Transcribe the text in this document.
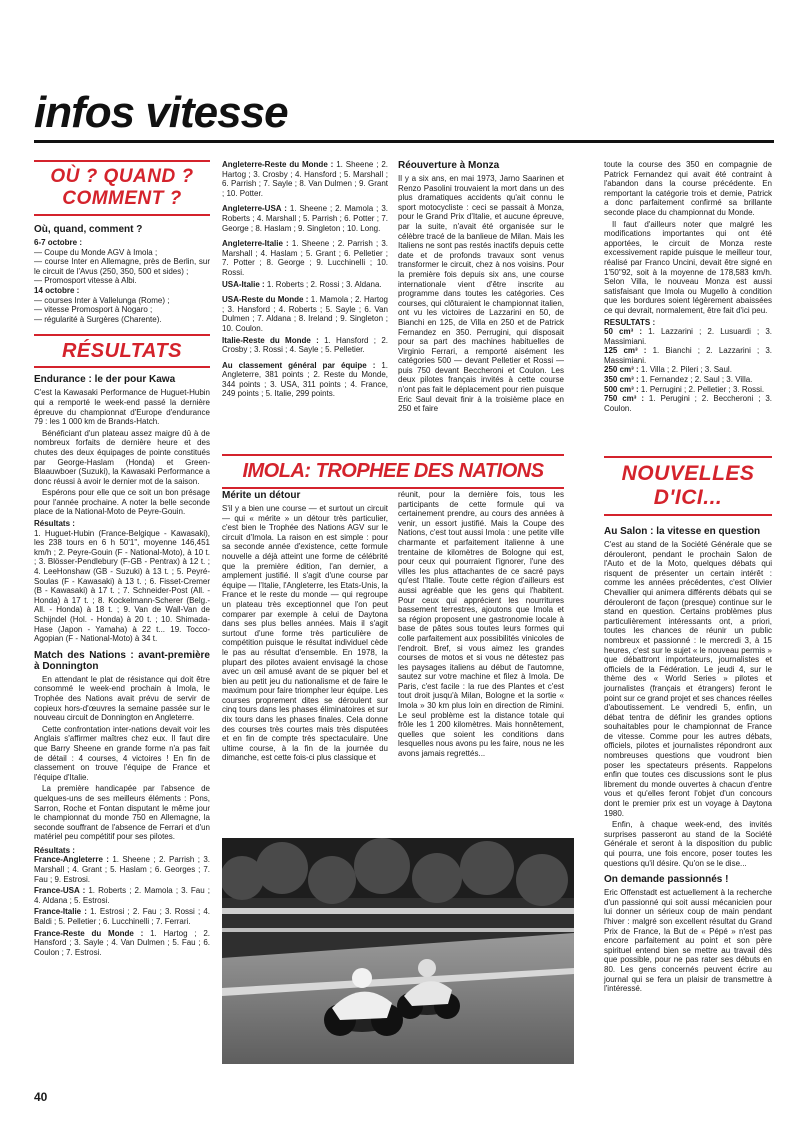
infos vitesse
OÙ ? QUAND ?
COMMENT ?
Où, quand, comment ?
6-7 octobre :
— Coupe du Monde AGV à Imola ;
— course Inter en Allemagne, près de Berlin, sur le circuit de l'Avus (250, 350, 500 et sides) ;
— Promosport vitesse à Albi.
14 octobre :
— courses Inter à Vallelunga (Rome) ;
— vitesse Promosport à Nogaro ;
— régularité à Surgères (Charente).
RÉSULTATS
Endurance : le der pour Kawa

C'est la Kawasaki Performance de Huguet-Hubin qui a remporté le week-end passé la dernière épreuve du championnat d'Europe d'endurance 79 : les 1 000 km de Brands-Hatch.

Bénéficiant d'un plateau assez maigre dû à de nombreux forfaits de dernière heure et des chutes des deux équipages de pointe constitués par George-Haslam (Honda) et Green-Blaauwboer (Suzuki), la Kawasaki Performance a donc réussi à avoir le dernier mot de la saison.

Espérons pour elle que ce soit un bon présage pour l'année prochaine. A noter la belle seconde place de la National-Moto de Peyre-Gouin.

Résultats :

1. Huguet-Hubin (France-Belgique - Kawasaki), les 238 tours en 6 h 50'1", moyenne 146,451 km/h ; 2. Peyre-Gouin (F - National-Moto), à 10 t. ; 3. Blösser-Pendlebury (F-GB - Pentrax) à 12 t. ; 4. LeeHonshaw (GB - Suzuki) à 13 t. ; 5. Peyré-Soulas (F - Kawasaki) à 13 t. ; 6. Fisset-Cremer (B - Kawasaki) à 17 t. ; 7. Schneider-Post (All. - Honda) à 17 t. ; 8. Kockelmann-Scherer (Belg.-All. - Honda) à 18 t. ; 9. Van de Wall-Van de Schijndel (Hol. - Honda) à 20 t. ; 10. Shimada-Hase (Japon - Yamaha) à 22 t... 19. Tocco-Agopian (F - National-Moto) à 34 t.

Match des Nations : avant-première à Donnington

En attendant le plat de résistance qui doit être consommé le week-end prochain à Imola, le Trophée des Nations avait prévu de servir de copieux hors-d'œuvres la semaine passée sur le nouveau circuit de Donnington en Angleterre.

Cette confrontation inter-nations devait voir les Anglais s'affirmer maîtres chez eux. Il faut dire que Barry Sheene en grande forme n'a pas fait de détail : 4 courses, 4 victoires ! En fin de classement on trouve l'équipe de France et l'équipe d'Italie.

La première handicapée par l'absence de quelques-uns de ses meilleurs éléments : Pons, Sarron, Roche et Fontan disputant le même jour le championnat du monde 750 en Allemagne, la seconde souffrant de l'absence de Ferrari et d'un matériel peu compétitif pour ses pilotes.

Résultats :

France-Angleterre : 1. Sheene ; 2. Parrish ; 3. Marshall ; 4. Grant ; 5. Haslam ; 6. Georges ; 7. Fau ; 9. Estrosi.

France-USA : 1. Roberts ; 2. Mamola ; 3. Fau ; 4. Aldana ; 5. Estrosi.

France-Italie : 1. Estrosi ; 2. Fau ; 3. Rossi ; 4. Baldi ; 5. Pelletier ; 6. Lucchinelli ; 7. Ferrari.

France-Reste du Monde : 1. Hartog ; 2. Hansford ; 3. Sayle ; 4. Van Dulmen ; 5. Fau ; 6. Coulon ; 7. Estrosi.

Angleterre-Reste du Monde : 1. Sheene ; 2. Hartog ; 3. Crosby ; 4. Hansford ; 5. Marshall ; 6. Parrish ; 7. Sayle ; 8. Van Dulmen ; 9. Grant ; 10. Potter.

Angleterre-USA : 1. Sheene ; 2. Mamola ; 3. Roberts ; 4. Marshall ; 5. Parrish ; 6. Potter ; 7. George ; 8. Haslam ; 9. Singleton ; 10. Long.

Angleterre-Italie : 1. Sheene ; 2. Parrish ; 3. Marshall ; 4. Haslam ; 5. Grant ; 6. Pelletier ; 7. Potter ; 8. George ; 9. Lucchinelli ; 10. Rossi.

USA-Italie : 1. Roberts ; 2. Rossi ; 3. Aldana.

USA-Reste du Monde : 1. Mamola ; 2. Hartog ; 3. Hansford ; 4. Roberts ; 5. Sayle ; 6. Van Dulmen ; 7. Aldana ; 8. Ireland ; 9. Singleton ; 10. Coulon.

Italie-Reste du Monde : 1. Hansford ; 2. Crosby ; 3. Rossi ; 4. Sayle ; 5. Pelletier.

Au classement général par équipe : 1. Angleterre, 381 points ; 2. Reste du Monde, 344 points ; 3. USA, 311 points ; 4. France, 249 points ; 5. Italie, 299 points.

Réouverture à Monza

Il y a six ans, en mai 1973, Jarno Saarinen et Renzo Pasolini trouvaient la mort dans un des plus dramatiques accidents qu'ait connu le sport motocycliste : ceci se passait à Monza, pour le Grand Prix d'Italie, et aucune épreuve, par la suite, n'avait été organisée sur le célèbre tracé de la banlieue de Milan. Mais les Italiens ne sont pas restés inactifs depuis cette date et de profonds travaux sont venus transformer le circuit, chez à nos voisins. Pour la première fois depuis six ans, une course internationale vient d'être inscrite au programme dans toutes les catégories. Ces courses, qui clôturaient le championnat italien, ont vu les victoires de Lazzarini en 50, de Bianchi en 125, de Villa en 250 et de Patrick Fernandez en 350. Perrugini, qui disposait pour sa part des machines habituelles de Virginio Ferrari, a remporté aisément les catégories 500 — devant Pelletier et Rossi — puis 750 devant Beccheroni et Coulon. Les deux pilotes français invités à cette course n'ont pas fait le déplacement pour rien puisque Eric Saul devait finir à la troisième place en 250 et faire

toute la course des 350 en compagnie de Patrick Fernandez qui avait été contraint à l'abandon dans la course précédente. En remportant la catégorie trois et demie, Patrick a donc parfaitement confirmé sa brillante seconde place du championnat du Monde.

Il faut d'ailleurs noter que malgré les modifications importantes qui ont été apportées, le circuit de Monza reste excessivement rapide puisque le meilleur tour, réalisé par Franco Uncini, devait être signé en 1'50"92, soit à la moyenne de 178,583 km/h. Selon Villa, le nouveau Monza est aussi satisfaisant que Imola ou Mugello à condition que les bordures soient légèrement abaissées ce qui devrait, normalement, être fait d'ici peu.

RESULTATS :
50 cm³ : 1. Lazzarini ; 2. Lusuardi ; 3. Massimiani.
125 cm³ : 1. Bianchi ; 2. Lazzarini ; 3. Massimiani.
250 cm³ : 1. Villa ; 2. Pileri ; 3. Saul.
350 cm³ : 1. Fernandez ; 2. Saul ; 3. Villa.
500 cm³ : 1. Perrugini ; 2. Pelletier ; 3. Rossi.
750 cm³ : 1. Perugini ; 2. Beccheroni ; 3. Coulon.
IMOLA: TROPHEE DES NATIONS
Mérite un détour

S'il y a bien une course — et surtout un circuit — qui « mérite » un détour très particulier, c'est bien le Trophée des Nations AGV sur le circuit d'Imola. La raison en est simple : pour sa seconde année d'existence, cette formule nouvelle a déjà atteint une forme de célébrité que la première édition, l'an dernier, a amplement justifié. Il s'agit d'une course par équipe — l'Italie, l'Angleterre, les Etats-Unis, la France et le reste du monde — qui regroupe un plateau très exceptionnel que l'on peut comparer par exemple à celui de Daytona dans ses plus belles années. Mais il s'agit surtout d'une forme très particulière de compétition puisque le résultat individuel cède le pas au résultat d'ensemble. En 1978, la plupart des pilotes avaient envisagé la chose avec un œil amusé avant de se piquer bel et bien au petit jeu du nationalisme et de faire le maximum pour faire triompher leur équipe. Les courses proprement dites se déroulent sur cinq tours dans les phases éliminatoires et sur dix tours dans les phases finales. Cela donne des courses très courtes mais très disputées et en fin de compte très spectaculaire. Une ultime course, à la fin de la journée du dimanche, est cette fois-ci plus classique et

réunit, pour la dernière fois, tous les participants de cette formule qui va certainement prendre, au cours des années à venir, un essort justifié. Mais la Coupe des Nations, c'est tout aussi Imola : une petite ville charmante et parfaitement italienne à une trentaine de kilomètres de Bologne qui est, pour ceux qui pourraient l'ignorer, l'une des villes les plus attachantes de ce sacré pays qu'est l'Italie. Toute cette région d'ailleurs est aussi agréable que les gens qui l'habitent. Pour ceux qui apprécient les nourritures bassement terrestres, ajoutons que Imola et sa région proposent une gastronomie locale à base de pâtes sous toutes leurs formes qui colle parfaitement aux possibilités vinicoles de l'endroit. Bref, si vous aimez les grandes courses de motos et si vous ne détestez pas les paysages italiens au début de l'automne, sautez sur votre machine et filez à Imola. De Paris, c'est facile : la rue des Plantes et c'est tout droit jusqu'à Milan, Bologne et la sortie « Imola » 30 km plus loin en direction de Rimini. Le seul problème est la distance totale qui frôle les 1 200 kilomètres. Mais honnêtement, quelles que soient les conditions dans lesquelles nous avons pu les faire, nous ne les avons jamais regrettés...

NOUVELLES
D'ICI...
Au Salon : la vitesse en question

C'est au stand de la Société Générale que se dérouleront, pendant le prochain Salon de l'Auto et de la Moto, quelques débats qui risquent de présenter un certain intérêt : comme les années précédentes, c'est Olivier Chevallier qui animera différents débats qui se dérouleront de façon (presque) continue sur le stand en question. Certains problèmes plus particulièrement intéressants ont, a priori, toutes les chances de réunir un public nombreux et passionné : le mercredi 3, à 15 heures, c'est sur le sujet « le nouveau permis » que débattront importateurs, journalistes et officiels de la Fédération. Le jeudi 4, sur le thème des « World Series » pilotes et journalistes (français et étrangers) feront le point sur ce grand projet et ses chances réelles d'aboutissement. Le vendredi 5, enfin, un débat tentra de définir les grandes options souhaitables pour le championnat de France de vitesse. Comme pour les autres débats, officiels, pilotes et journalistes répondront aux nombreuses questions que voudront bien poser les spectateurs présents. Rappelons enfin que toutes ces discussions sont le plus librement du monde ouvertes à chacun d'entre vous et qu'elles feront l'objet d'un concours dont le premier prix est un voyage à Daytona 1980.

Enfin, à chaque week-end, des invités surprises passeront au stand de la Société Générale et seront à la disposition du public qui pourra, une fois encore, poser toutes les questions qu'il désire. Qu'on se le dise...

On demande passionnés !

Eric Offenstadt est actuellement à la recherche d'un passionné qui soit aussi mécanicien pour lui donner un sérieux coup de main pendant l'hiver : malgré son excellent résultat du Grand Prix de France, la But de « Pépé » n'est pas encore parfaitement au point et son père spirituel entend bien se mettre au travail dès que possible, pour ne pas rater ses débuts en 80. Les gens concernés peuvent écrire au journal qui se fera un plaisir de transmettre à l'intéressé.

40
